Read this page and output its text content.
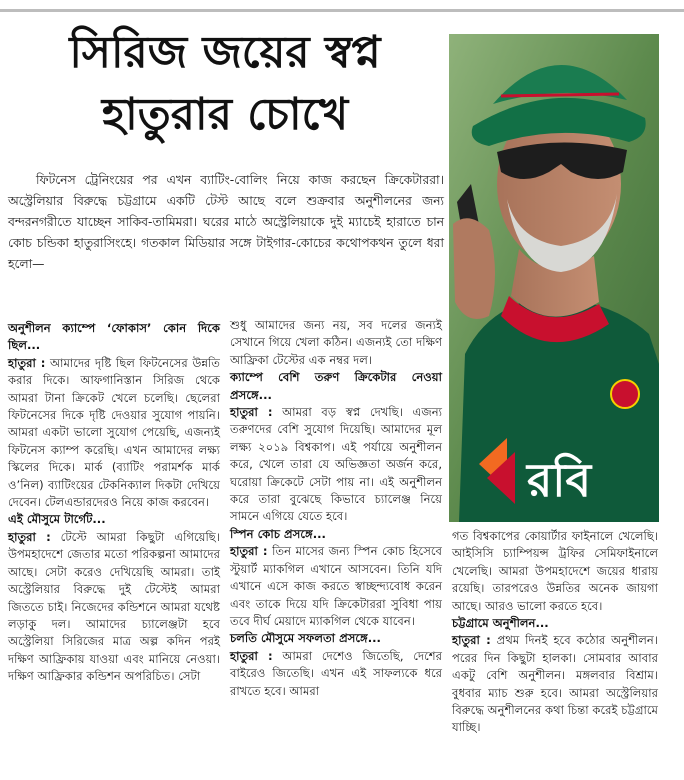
সিরিজ জয়ের স্বপ্ন
হাতুরার চোখে

ফিটনেস ট্রেনিংয়ের পর এখন ব্যাটিং-বোলিং নিয়ে কাজ করছেন ক্রিকেটাররা। অস্ট্রেলিয়ার বিরুদ্ধে চট্টগ্রামে একটি টেস্ট আছে বলে শুক্রবার অনুশীলনের জন্য বন্দরনগরীতে যাচ্ছেন সাকিব-তামিমরা। ঘরের মাঠে অস্ট্রেলিয়াকে দুই ম্যাচেই হারাতে চান কোচ চন্ডিকা হাতুরাসিংহে। গতকাল মিডিয়ার সঙ্গে টাইগার-কোচের কথোপকথন তুলে ধরা হলো—

রবি

অনুশীলন ক্যাম্পে ‘ফোকাস’ কোন দিকে ছিল...
হাতুরা : আমাদের দৃষ্টি ছিল ফিটনেসের উন্নতি করার দিকে। আফগানিস্তান সিরিজ থেকে আমরা টানা ক্রিকেট খেলে চলেছি। ছেলেরা ফিটনেসের দিকে দৃষ্টি দেওয়ার সুযোগ পায়নি। আমরা একটা ভালো সুযোগ পেয়েছি, এজন্যই ফিটনেস ক্যাম্প করেছি। এখন আমাদের লক্ষ্য স্কিলের দিকে। মার্ক (ব্যাটিং পরামর্শক মার্ক ও’নিল) ব্যাটিংয়ের টেকনিক্যাল দিকটা দেখিয়ে দেবেন। টেলএন্ডারদেরও নিয়ে কাজ করবেন।

এই মৌসুমে টার্গেট...
হাতুরা : টেস্টে আমরা কিছুটা এগিয়েছি। উপমহাদেশে জেতার মতো পরিকল্পনা আমাদের আছে। সেটা করেও দেখিয়েছি আমরা। তাই অস্ট্রেলিয়ার বিরুদ্ধে দুই টেস্টেই আমরা জিততে চাই। নিজেদের কন্ডিশনে আমরা যথেষ্ট লড়াকু দল। আমাদের চ্যালেঞ্জটা হবে অস্ট্রেলিয়া সিরিজের মাত্র অল্প কদিন পরই দক্ষিণ আফ্রিকায় যাওয়া এবং মানিয়ে নেওয়া। দক্ষিণ আফ্রিকার কন্ডিশন অপরিচিত। সেটা

শুধু আমাদের জন্য নয়, সব দলের জন্যই সেখানে গিয়ে খেলা কঠিন। এজন্যই তো দক্ষিণ আফ্রিকা টেস্টের এক নম্বর দল।

ক্যাম্পে বেশি তরুণ ক্রিকেটার নেওয়া প্রসঙ্গে...
হাতুরা : আমরা বড় স্বপ্ন দেখছি। এজন্য তরুণদের বেশি সুযোগ দিয়েছি। আমাদের মূল লক্ষ্য ২০১৯ বিশ্বকাপ। এই পর্যায়ে অনুশীলন করে, খেলে তারা যে অভিজ্ঞতা অর্জন করে, ঘরোয়া ক্রিকেটে সেটা পায় না। এই অনুশীলন করে তারা বুঝেছে কিভাবে চ্যালেঞ্জ নিয়ে সামনে এগিয়ে যেতে হবে।

স্পিন কোচ প্রসঙ্গে...
হাতুরা : তিন মাসের জন্য স্পিন কোচ হিসেবে স্টুয়ার্ট ম্যাকগিল এখানে আসবেন। তিনি যদি এখানে এসে কাজ করতে স্বাচ্ছন্দ্যবোধ করেন এবং তাকে দিয়ে যদি ক্রিকেটাররা সুবিধা পায় তবে দীর্ঘ মেয়াদে ম্যাকগিল থেকে যাবেন।

চলতি মৌসুমে সফলতা প্রসঙ্গে...
হাতুরা : আমরা দেশেও জিতেছি, দেশের বাইরেও জিতেছি। এখন এই সাফল্যকে ধরে রাখতে হবে। আমরা

গত বিশ্বকাপের কোয়ার্টার ফাইনালে খেলেছি। আইসিসি চ্যাম্পিয়ন্স ট্রফির সেমিফাইনালে খেলেছি। আমরা উপমহাদেশে জয়ের ধারায় রয়েছি। তারপরেও উন্নতির অনেক জায়গা আছে। আরও ভালো করতে হবে।

চট্টগ্রামে অনুশীলন...
হাতুরা : প্রথম দিনই হবে কঠোর অনুশীলন। পরের দিন কিছুটা হালকা। সোমবার আবার একটু বেশি অনুশীলন। মঙ্গলবার বিশ্রাম। বুধবার ম্যাচ শুরু হবে। আমরা অস্ট্রেলিয়ার বিরুদ্ধে অনুশীলনের কথা চিন্তা করেই চট্টগ্রামে যাচ্ছি।
